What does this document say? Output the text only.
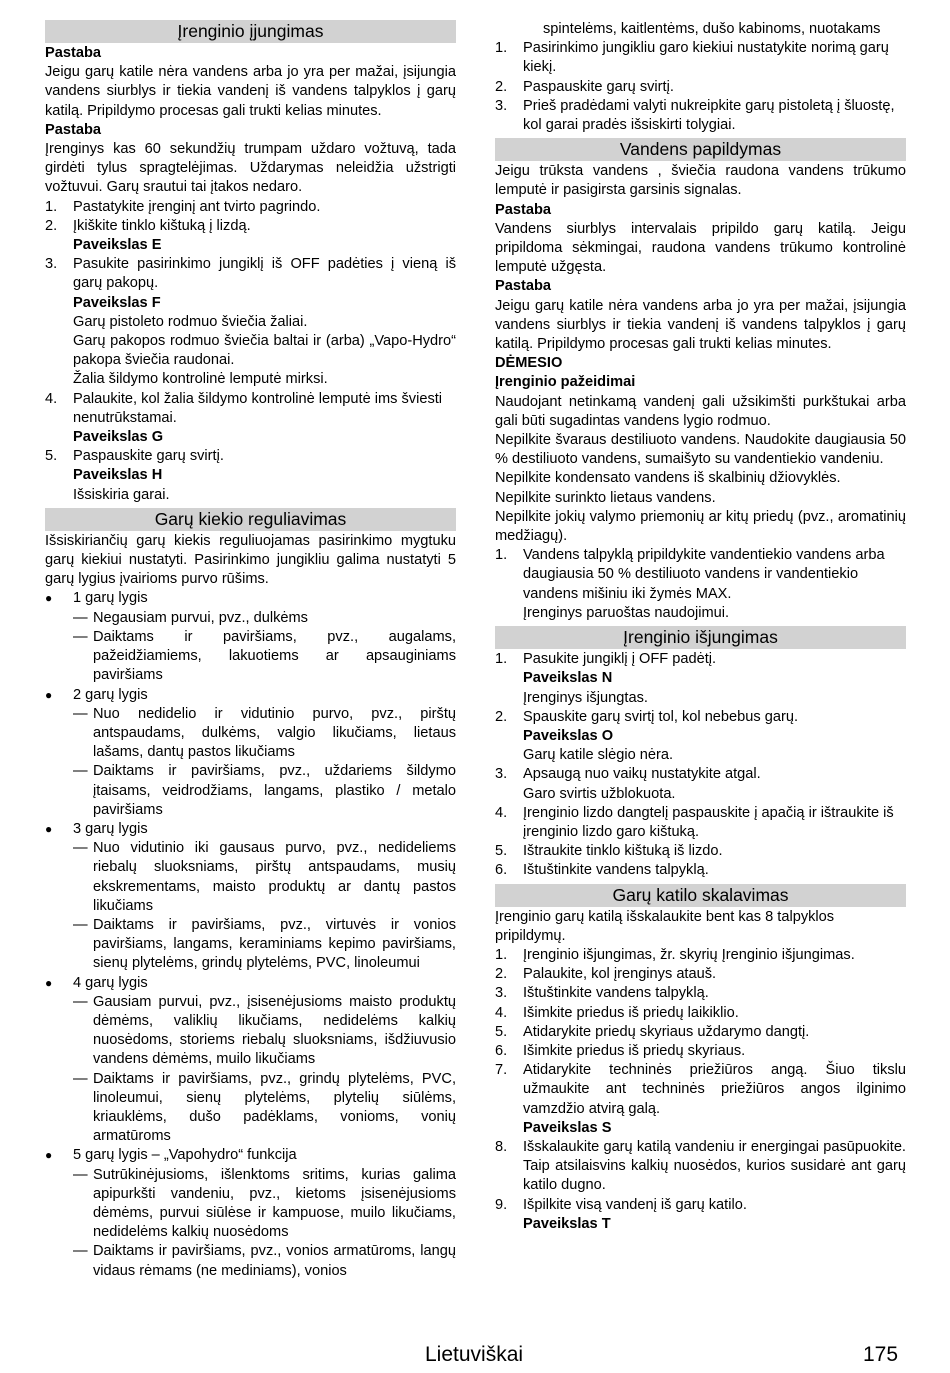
Įrenginio įjungimas
Pastaba
Jeigu garų katile nėra vandens arba jo yra per mažai, įsijungia vandens siurblys ir tiekia vandenį iš vandens talpyklos į garų katilą. Pripildymo procesas gali trukti kelias minutes.
Pastaba
Įrenginys kas 60 sekundžių trumpam uždaro vožtuvą, tada girdėti tylus spragtelėjimas. Uždarymas neleidžia užstrigti vožtuvui. Garų srautui tai įtakos nedaro.
1.	Pastatykite įrenginį ant tvirto pagrindo.
2.	Įkiškite tinklo kištuką į lizdą.
Paveikslas E
3.	Pasukite pasirinkimo jungiklį iš OFF padėties į vieną iš garų pakopų.
Paveikslas F
Garų pistoleto rodmuo šviečia žaliai.
Garų pakopos rodmuo šviečia baltai ir (arba) „Vapo-Hydro“ pakopa šviečia raudonai.
Žalia šildymo kontrolinė lemputė mirksi.
4.	Palaukite, kol žalia šildymo kontrolinė lemputė ims šviesti nenutrūkstamai.
Paveikslas G
5.	Paspauskite garų svirtį.
Paveikslas H
Išsiskiria garai.
Garų kiekio reguliavimas
Išsiskiriančių garų kiekis reguliuojamas pasirinkimo mygtuku garų kiekiui nustatyti. Pasirinkimo jungikliu galima nustatyti 5 garų lygius įvairioms purvo rūšims.
●	1 garų lygis
— Negausiam purvui, pvz., dulkėms
— Daiktams ir paviršiams, pvz., augalams, pažeidžiamiems, lakuotiems ar apsauginiams paviršiams
●	2 garų lygis
— Nuo nedidelio ir vidutinio purvo, pvz., pirštų antspaudams, dulkėms, valgio likučiams, lietaus lašams, dantų pastos likučiams
— Daiktams ir paviršiams, pvz., uždariems šildymo įtaisams, veidrodžiams, langams, plastiko / metalo paviršiams
●	3 garų lygis
— Nuo vidutinio iki gausaus purvo, pvz., nedideliems riebalų sluoksniams, pirštų antspaudams, musių ekskrementams, maisto produktų ar dantų pastos likučiams
— Daiktams ir paviršiams, pvz., virtuvės ir vonios paviršiams, langams, keraminiams kepimo paviršiams, sienų plytelėms, grindų plytelėms, PVC, linoleumui
●	4 garų lygis
— Gausiam purvui, pvz., įsisenėjusioms maisto produktų dėmėms, valiklių likučiams, nedidelėms kalkių nuosėdoms, storiems riebalų sluoksniams, išdžiuvusio vandens dėmėms, muilo likučiams
— Daiktams ir paviršiams, pvz., grindų plytelėms, PVC, linoleumui, sienų plytelėms, plytelių siūlėms, kriauklėms, dušo padėklams, vonioms, vonių armatūroms
●	5 garų lygis – „Vapohydro“ funkcija
— Sutrūkinėjusioms, išlenktoms sritims, kurias galima apipurkšti vandeniu, pvz., kietoms įsisenėjusioms dėmėms, purvui siūlėse ir kampuose, muilo likučiams, nedidelėms kalkių nuosėdoms
— Daiktams ir paviršiams, pvz., vonios armatūroms, langų vidaus rėmams (ne mediniams), vonios
spintelėms, kaitlentėms, dušo kabinoms, nuotakams
1.	Pasirinkimo jungikliu garo kiekiui nustatykite norimą garų kiekį.
2.	Paspauskite garų svirtį.
3.	Prieš pradėdami valyti nukreipkite garų pistoletą į šluostę, kol garai pradės išsiskirti tolygiai.
Vandens papildymas
Jeigu trūksta vandens , šviečia raudona vandens trūkumo lemputė ir pasigirsta garsinis signalas.
Pastaba
Vandens siurblys intervalais pripildo garų katilą. Jeigu pripildoma sėkmingai, raudona vandens trūkumo kontrolinė lemputė užgęsta.
Pastaba
Jeigu garų katile nėra vandens arba jo yra per mažai, įsijungia vandens siurblys ir tiekia vandenį iš vandens talpyklos į garų katilą. Pripildymo procesas gali trukti kelias minutes.
DĖMESIO
Įrenginio pažeidimai
Naudojant netinkamą vandenį gali užsikimšti purkštukai arba gali būti sugadintas vandens lygio rodmuo.
Nepilkite švaraus destiliuoto vandens. Naudokite daugiausia 50 % destiliuoto vandens, sumaišyto su vandentiekio vandeniu.
Nepilkite kondensato vandens iš skalbinių džiovyklės.
Nepilkite surinkto lietaus vandens.
Nepilkite jokių valymo priemonių ar kitų priedų (pvz., aromatinių medžiagų).
1.	Vandens talpyklą pripildykite vandentiekio vandens arba daugiausia 50 % destiliuoto vandens ir vandentiekio vandens mišiniu iki žymės MAX.
Įrenginys paruoštas naudojimui.
Įrenginio išjungimas
1.	Pasukite jungiklį į OFF padėtį.
Paveikslas N
Įrenginys išjungtas.
2.	Spauskite garų svirtį tol, kol nebebus garų.
Paveikslas O
Garų katile slėgio nėra.
3.	Apsaugą nuo vaikų nustatykite atgal.
Garo svirtis užblokuota.
4.	Įrenginio lizdo dangtelį paspauskite į apačią ir ištraukite iš įrenginio lizdo garo kištuką.
5.	Ištraukite tinklo kištuką iš lizdo.
6.	Ištuštinkite vandens talpyklą.
Garų katilo skalavimas
Įrenginio garų katilą išskalaukite bent kas 8 talpyklos pripildymų.
1.	Įrenginio išjungimas, žr. skyrių Įrenginio išjungimas.
2.	Palaukite, kol įrenginys atauš.
3.	Ištuštinkite vandens talpyklą.
4.	Išimkite priedus iš priedų laikiklio.
5.	Atidarykite priedų skyriaus uždarymo dangtį.
6.	Išimkite priedus iš priedų skyriaus.
7.	Atidarykite techninės priežiūros angą. Šiuo tikslu užmaukite ant techninės priežiūros angos ilginimo vamzdžio atvirą galą.
Paveikslas S
8.	Išskalaukite garų katilą vandeniu ir energingai pasūpuokite. Taip atsilaisvins kalkių nuosėdos, kurios susidarė ant garų katilo dugno.
9.	Išpilkite visą vandenį iš garų katilo.
Paveikslas T
Lietuviškai	175
